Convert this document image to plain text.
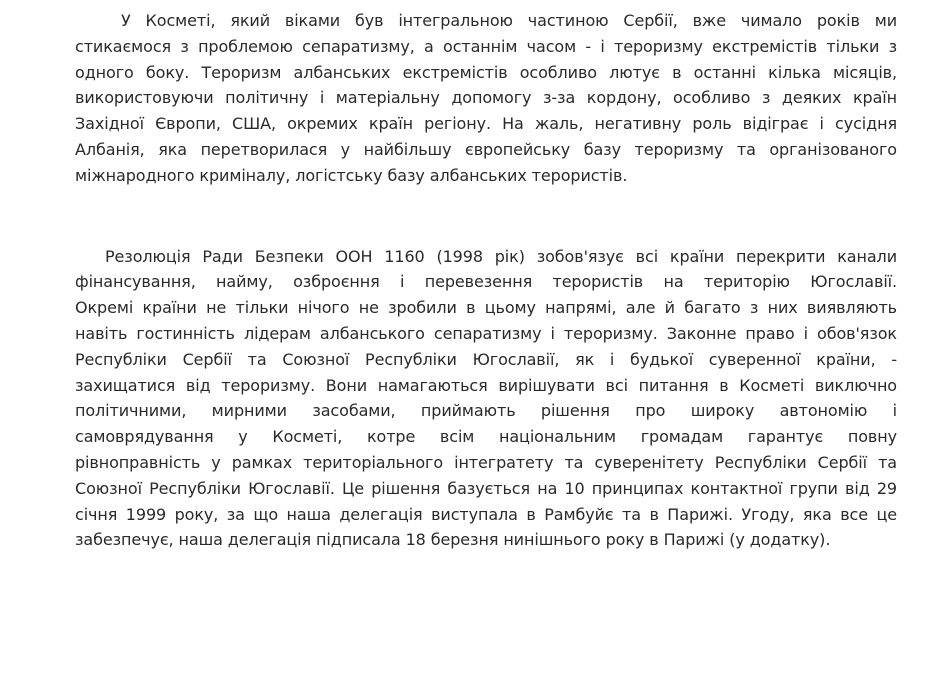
У Косметі, який віками був інтегральною частиною Сербії, вже чимало років ми
стикаємося з проблемою сепаратизму, а останнім часом - і тероризму екстремістів тільки з
одного боку. Тероризм албанських екстремістів особливо лютує в останні кілька місяців,
використовуючи політичну і матеріальну допомогу з-за кордону, особливо з деяких країн
Західної Європи, США, окремих країн регіону. На жаль, негативну роль відіграє і сусідня
Албанія, яка перетворилася у найбільшу європейську базу тероризму та організованого
міжнародного криміналу, логістську базу албанських терористів.
Резолюція Ради Безпеки ООН 1160 (1998 рік) зобов'язує всі країни перекрити канали
фінансування, найму, озброєння і перевезення терористів на територію Югославії.
Окремі країни не тільки нічого не зробили в цьому напрямі, але й багато з них виявляють
навіть гостинність лідерам албанського сепаратизму і тероризму. Законне право і обов'язок
Республіки Сербії та Союзної Республіки Югославії, як і будької суверенної країни, -
захищатися від тероризму. Вони намагаються вирішувати всі питання в Косметі виключно
політичними, мирними засобами, приймають рішення про широку автономію і
самоврядування у Косметі, котре всім національним громадам гарантує повну
рівноправність у рамках територіального інтегратету та суверенітету Республіки Сербії та
Союзної Республіки Югославії. Це рішення базується на 10 принципах контактної групи від 29
січня 1999 року, за що наша делегація виступала в Рамбуйє та в Парижі. Угоду, яка все це
забезпечує, наша делегація підписала 18 березня нинішнього року в Парижі (у додатку).
